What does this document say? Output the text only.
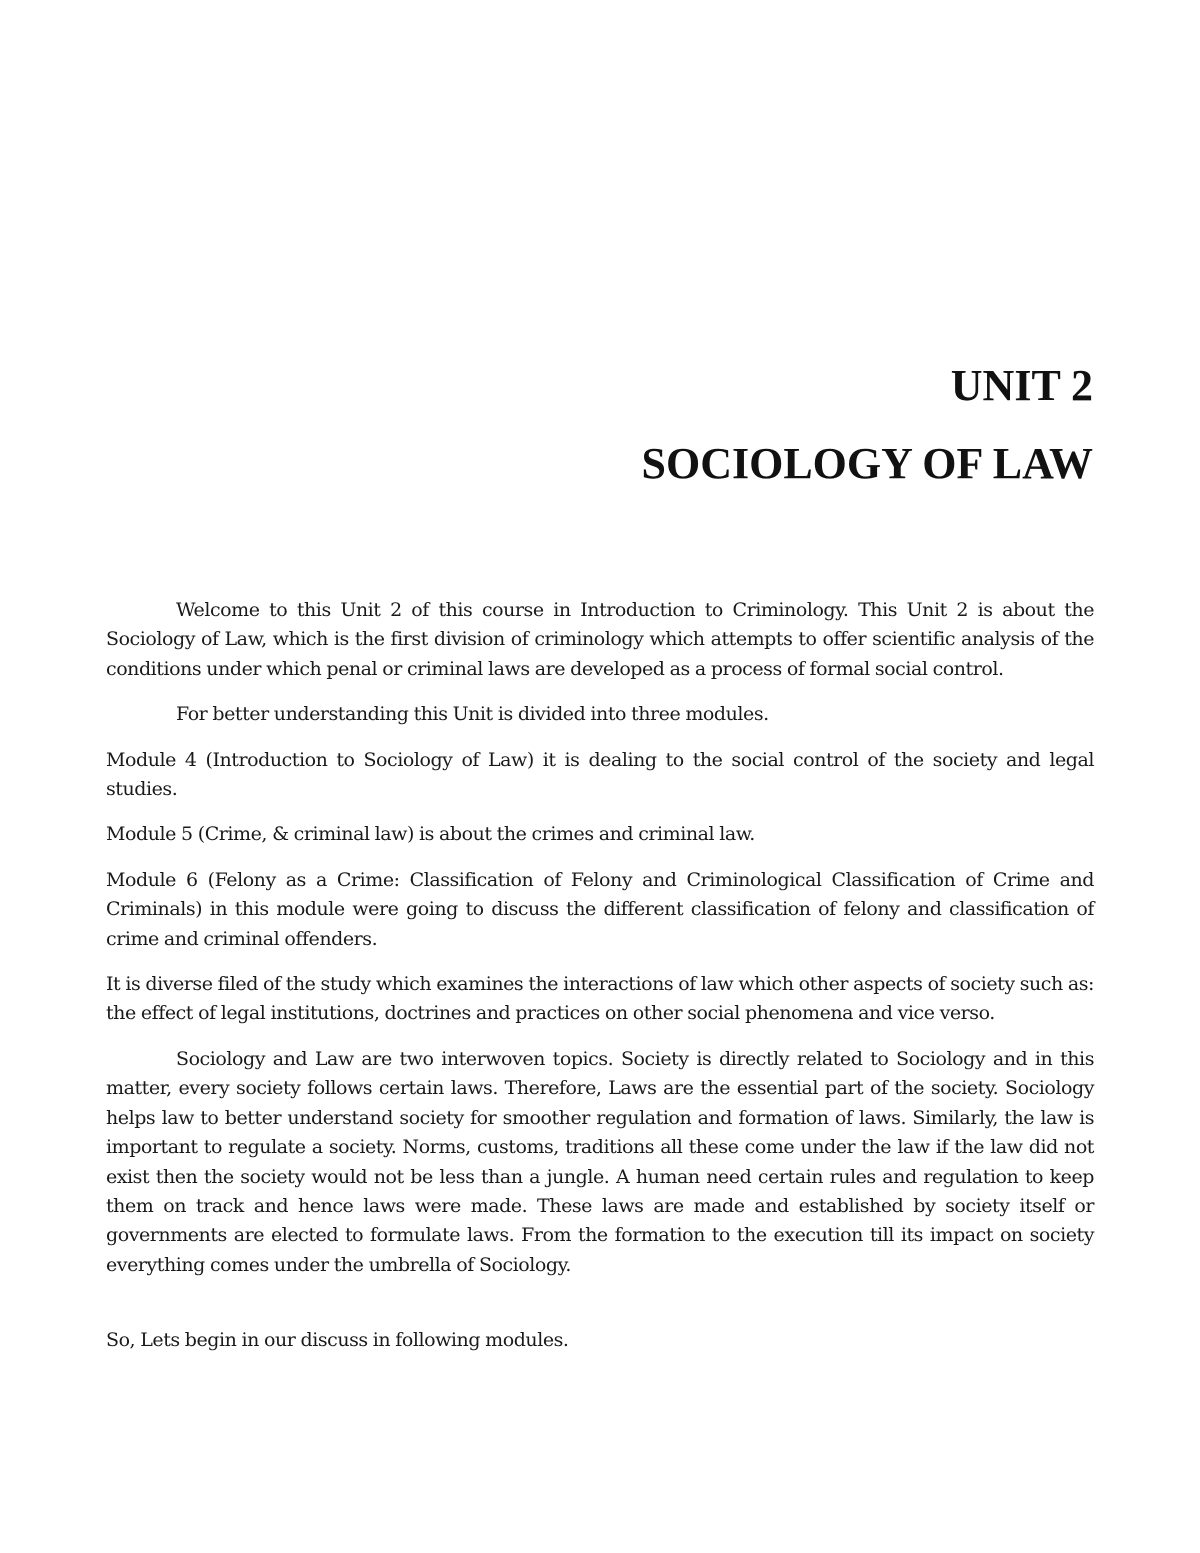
UNIT 2
SOCIOLOGY OF LAW

Welcome to this Unit 2 of this course in Introduction to Criminology. This Unit 2 is about the Sociology of Law, which is the first division of criminology which attempts to offer scientific analysis of the conditions under which penal or criminal laws are developed as a process of formal social control.

For better understanding this Unit is divided into three modules.

Module 4 (Introduction to Sociology of Law) it is dealing to the social control of the society and legal studies.

Module 5 (Crime, & criminal law) is about the crimes and criminal law.

Module 6 (Felony as a Crime: Classification of Felony and Criminological Classification of Crime and Criminals) in this module were going to discuss the different classification of felony and classification of crime and criminal offenders.

It is diverse filed of the study which examines the interactions of law which other aspects of society such as: the effect of legal institutions, doctrines and practices on other social phenomena and vice verso.

Sociology and Law are two interwoven topics. Society is directly related to Sociology and in this matter, every society follows certain laws. Therefore, Laws are the essential part of the society. Sociology helps law to better understand society for smoother regulation and formation of laws. Similarly, the law is important to regulate a society. Norms, customs, traditions all these come under the law if the law did not exist then the society would not be less than a jungle. A human need certain rules and regulation to keep them on track and hence laws were made. These laws are made and established by society itself or governments are elected to formulate laws. From the formation to the execution till its impact on society everything comes under the umbrella of Sociology.

So, Lets begin in our discuss in following modules.
